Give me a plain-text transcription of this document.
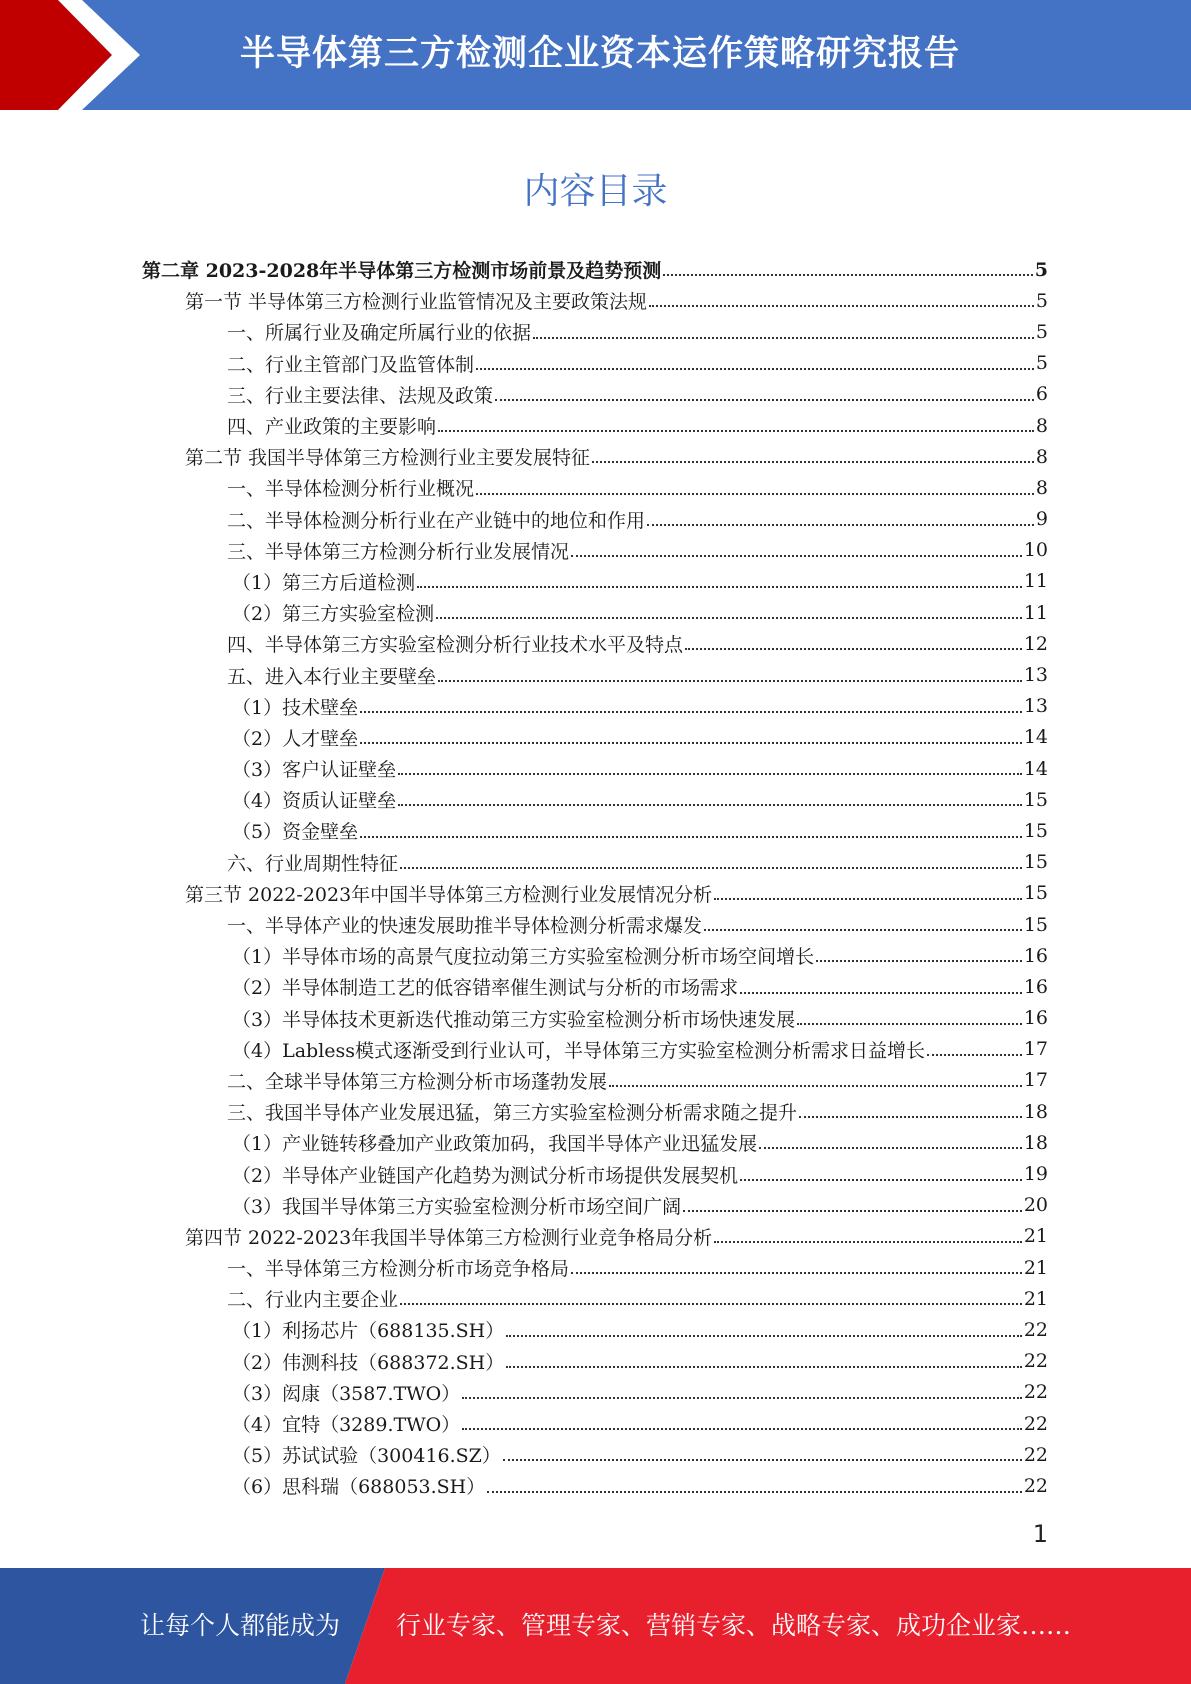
半导体第三方检测企业资本运作策略研究报告
内容目录
第二章 2023-2028年半导体第三方检测市场前景及趋势预测	5
第一节 半导体第三方检测行业监管情况及主要政策法规	5
一、所属行业及确定所属行业的依据	5
二、行业主管部门及监管体制	5
三、行业主要法律、法规及政策	6
四、产业政策的主要影响	8
第二节 我国半导体第三方检测行业主要发展特征	8
一、半导体检测分析行业概况	8
二、半导体检测分析行业在产业链中的地位和作用	9
三、半导体第三方检测分析行业发展情况	10
（1）第三方后道检测	11
（2）第三方实验室检测	11
四、半导体第三方实验室检测分析行业技术水平及特点	12
五、进入本行业主要壁垒	13
（1）技术壁垒	13
（2）人才壁垒	14
（3）客户认证壁垒	14
（4）资质认证壁垒	15
（5）资金壁垒	15
六、行业周期性特征	15
第三节 2022-2023年中国半导体第三方检测行业发展情况分析	15
一、半导体产业的快速发展助推半导体检测分析需求爆发	15
（1）半导体市场的高景气度拉动第三方实验室检测分析市场空间增长	16
（2）半导体制造工艺的低容错率催生测试与分析的市场需求	16
（3）半导体技术更新迭代推动第三方实验室检测分析市场快速发展	16
（4）Labless模式逐渐受到行业认可，半导体第三方实验室检测分析需求日益增长	17
二、全球半导体第三方检测分析市场蓬勃发展	17
三、我国半导体产业发展迅猛，第三方实验室检测分析需求随之提升	18
（1）产业链转移叠加产业政策加码，我国半导体产业迅猛发展	18
（2）半导体产业链国产化趋势为测试分析市场提供发展契机	19
（3）我国半导体第三方实验室检测分析市场空间广阔	20
第四节 2022-2023年我国半导体第三方检测行业竞争格局分析	21
一、半导体第三方检测分析市场竞争格局	21
二、行业内主要企业	21
（1）利扬芯片（688135.SH）	22
（2）伟测科技（688372.SH）	22
（3）闳康（3587.TWO）	22
（4）宜特（3289.TWO）	22
（5）苏试试验（300416.SZ）	22
（6）思科瑞（688053.SH）	22
1
让每个人都能成为 行业专家、管理专家、营销专家、战略专家、成功企业家……
